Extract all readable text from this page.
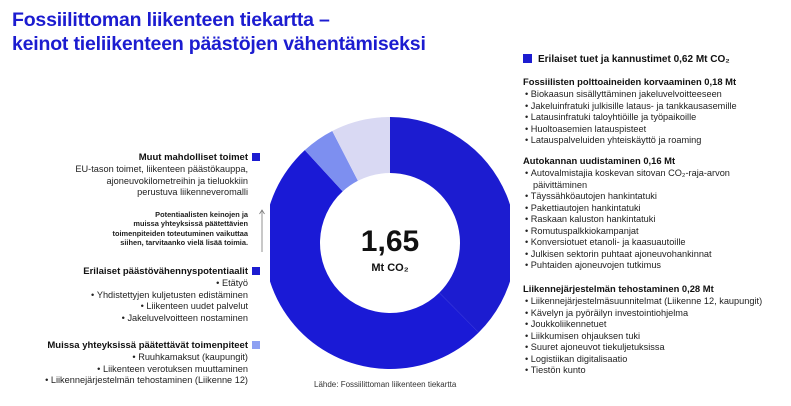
Fossiilittoman liikenteen tiekartta –
keinot tieliikenteen päästöjen vähentämiseksi
Muut mahdolliset toimet
EU-tason toimet, liikenteen päästökauppa,
ajoneuvokilometreihin ja tieluokkiin
perustuva liikenneveromalli
Potentiaalisten keinojen ja
muissa yhteyksissä päätettävien
toimenpiteiden toteutuminen vaikuttaa
siihen, tarvitaanko vielä lisää toimia.
Erilaiset päästövähennyspotentiaalit
• Etätyö
• Yhdistettyjen kuljetusten edistäminen
• Liikenteen uudet palvelut
• Jakeluvelvoitteen nostaminen
Muissa yhteyksissä päätettävät toimenpiteet
• Ruuhkamaksut (kaupungit)
• Liikenteen verotuksen muuttaminen
• Liikennejärjestelmän tehostaminen (Liikenne 12)
1,65
Mt CO₂
Erilaiset tuet ja kannustimet 0,62 Mt CO₂
Fossiilisten polttoaineiden korvaaminen 0,18 Mt
• Biokaasun sisällyttäminen jakeluvelvoitteeseen
• Jakeluinfratuki julkisille lataus- ja tankkausasemille
• Latausinfratuki taloyhtiöille ja työpaikoille
• Huoltoasemien latauspisteet
• Latauspalveluiden yhteiskäyttö ja roaming
Autokannan uudistaminen 0,16 Mt
• Autovalmistajia koskevan sitovan CO₂-raja-arvon päivittäminen
• Täyssähköautojen hankintatuki
• Pakettiautojen hankintatuki
• Raskaan kaluston hankintatuki
• Romutuspalkkiokampanjat
• Konversiotuet etanoli- ja kaasuautoille
• Julkisen sektorin puhtaat ajoneuvohankinnat
• Puhtaiden ajoneuvojen tutkimus
Liikennejärjestelmän tehostaminen 0,28 Mt
• Liikennejärjestelmäsuunnitelmat (Liikenne 12, kaupungit)
• Kävelyn ja pyöräilyn investointiohjelma
• Joukkoliikennetuet
• Liikkumisen ohjauksen tuki
• Suuret ajoneuvot tiekuljetuksissa
• Logistiikan digitalisaatio
• Tiestön kunto
Lähde: Fossiilittoman liikenteen tiekartta
